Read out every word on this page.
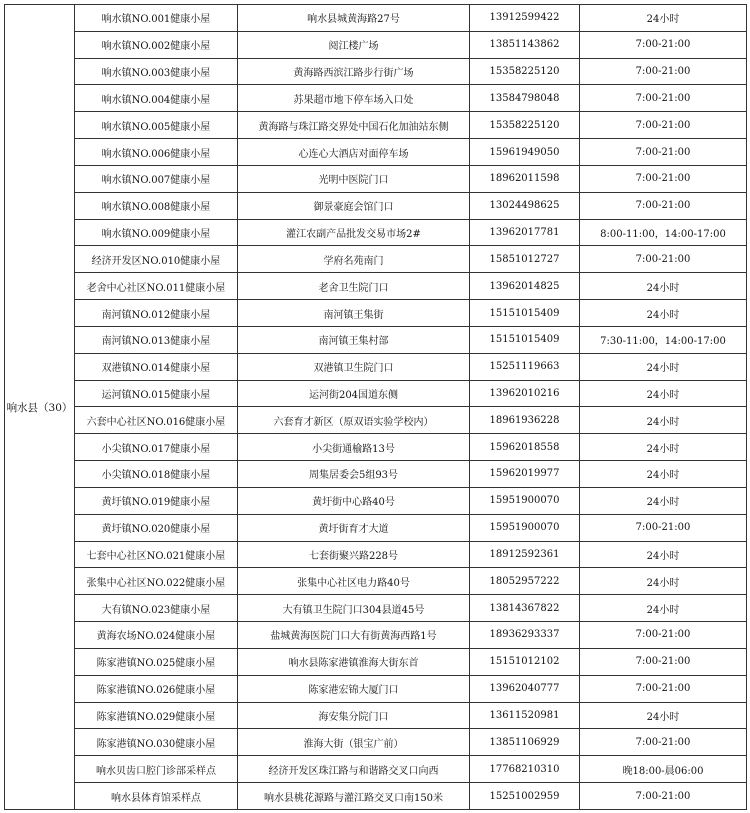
响水县（30）	响水镇NO.001健康小屋	响水县城黄海路27号	13912599422	24小时
	响水镇NO.002健康小屋	阅江楼广场	13851143862	7:00-21:00
	响水镇NO.003健康小屋	黄海路西滨江路步行街广场	15358225120	7:00-21:00
	响水镇NO.004健康小屋	苏果超市地下停车场入口处	13584798048	7:00-21:00
	响水镇NO.005健康小屋	黄海路与珠江路交界处中国石化加油站东侧	15358225120	7:00-21:00
	响水镇NO.006健康小屋	心连心大酒店对面停车场	15961949050	7:00-21:00
	响水镇NO.007健康小屋	光明中医院门口	18962011598	7:00-21:00
	响水镇NO.008健康小屋	御景豪庭会馆门口	13024498625	7:00-21:00
	响水镇NO.009健康小屋	灌江农副产品批发交易市场2#	13962017781	8:00-11:00，14:00-17:00
	经济开发区NO.010健康小屋	学府名苑南门	15851012727	7:00-21:00
	老舍中心社区NO.011健康小屋	老舍卫生院门口	13962014825	24小时
	南河镇NO.012健康小屋	南河镇王集街	15151015409	24小时
	南河镇NO.013健康小屋	南河镇王集村部	15151015409	7:30-11:00，14:00-17:00
	双港镇NO.014健康小屋	双港镇卫生院门口	15251119663	24小时
	运河镇NO.015健康小屋	运河街204国道东侧	13962010216	24小时
	六套中心社区NO.016健康小屋	六套育才新区（原双语实验学校内）	18961936228	24小时
	小尖镇NO.017健康小屋	小尖街通榆路13号	15962018558	24小时
	小尖镇NO.018健康小屋	周集居委会5组93号	15962019977	24小时
	黄圩镇NO.019健康小屋	黄圩街中心路40号	15951900070	24小时
	黄圩镇NO.020健康小屋	黄圩街育才大道	15951900070	7:00-21:00
	七套中心社区NO.021健康小屋	七套街聚兴路228号	18912592361	24小时
	张集中心社区NO.022健康小屋	张集中心社区电力路40号	18052957222	24小时
	大有镇NO.023健康小屋	大有镇卫生院门口304县道45号	13814367822	24小时
	黄海农场NO.024健康小屋	盐城黄海医院门口大有街黄海西路1号	18936293337	7:00-21:00
	陈家港镇NO.025健康小屋	响水县陈家港镇淮海大街东首	15151012102	7:00-21:00
	陈家港镇NO.026健康小屋	陈家港宏锦大厦门口	13962040777	7:00-21:00
	陈家港镇NO.029健康小屋	海安集分院门口	13611520981	24小时
	陈家港镇NO.030健康小屋	淮海大街（银宝广前）	13851106929	7:00-21:00
	响水贝齿口腔门诊部采样点	经济开发区珠江路与和谐路交叉口向西	17768210310	晚18:00-晨06:00
	响水县体育馆采样点	响水县桃花源路与灌江路交叉口南150米	15251002959	7:00-21:00
